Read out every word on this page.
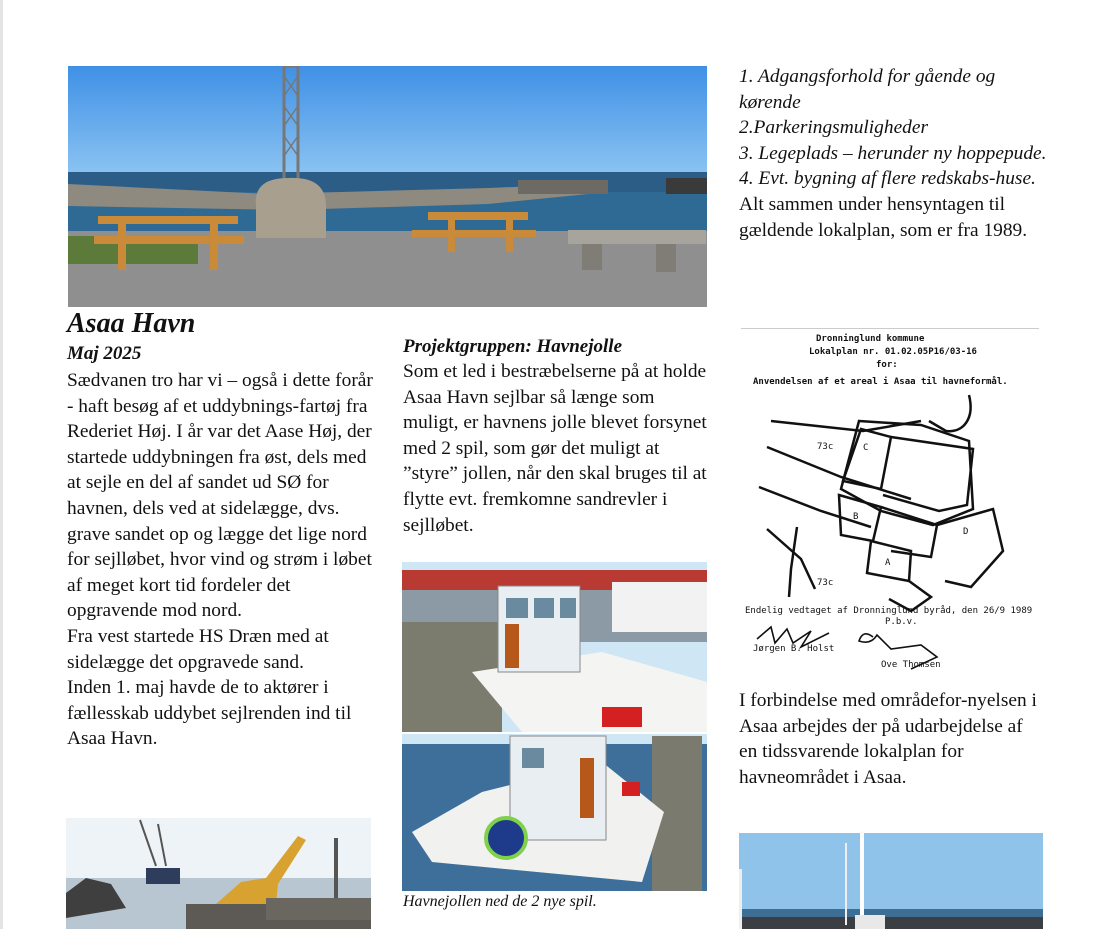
Asaa Havn
Maj 2025

Sædvanen tro har vi – også i dette forår - haft besøg af et uddybnings-fartøj fra Rederiet Høj. I år var det Aase Høj, der startede uddybningen fra øst, dels med at sejle en del af sandet ud SØ for havnen, dels ved at sidelægge, dvs. grave sandet op og lægge det lige nord for sejlløbet, hvor vind og strøm i løbet af meget kort tid fordeler det opgravende mod nord.

Fra vest startede HS Dræn med at sidelægge det opgravede sand.

Inden 1. maj havde de to aktører i fællesskab uddybet sejlrenden ind til Asaa Havn.

Projektgruppen: Havnejolle
Som et led i bestræbelserne på at holde Asaa Havn sejlbar så længe som muligt, er havnens jolle blevet forsynet med 2 spil, som gør det muligt at ”styre” jollen, når den skal bruges til at flytte evt. fremkomne sandrevler i sejlløbet.
Havnejollen ned de 2 nye spil.

1. Adgangsforhold for gående og kørende

2.Parkeringsmuligheder

3. Legeplads – herunder ny hoppepude.

4. Evt. bygning af flere redskabs-huse.

Alt sammen under hensyntagen til gældende lokalplan, som er fra 1989.

Dronninglund kommune
Lokalplan nr. 01.02.05P16/03-16
for:
Anvendelsen af et areal i Asaa til havneformål.
C
B
A
D
73c
73c
Endelig vedtaget af Dronninglund byråd, den 26/9 1989
P.b.v.
Jørgen B. Holst
Ove Thomsen
I forbindelse med områdefor-nyelsen i Asaa arbejdes der på udarbejdelse af en tidssvarende lokalplan for havneområdet i Asaa.
